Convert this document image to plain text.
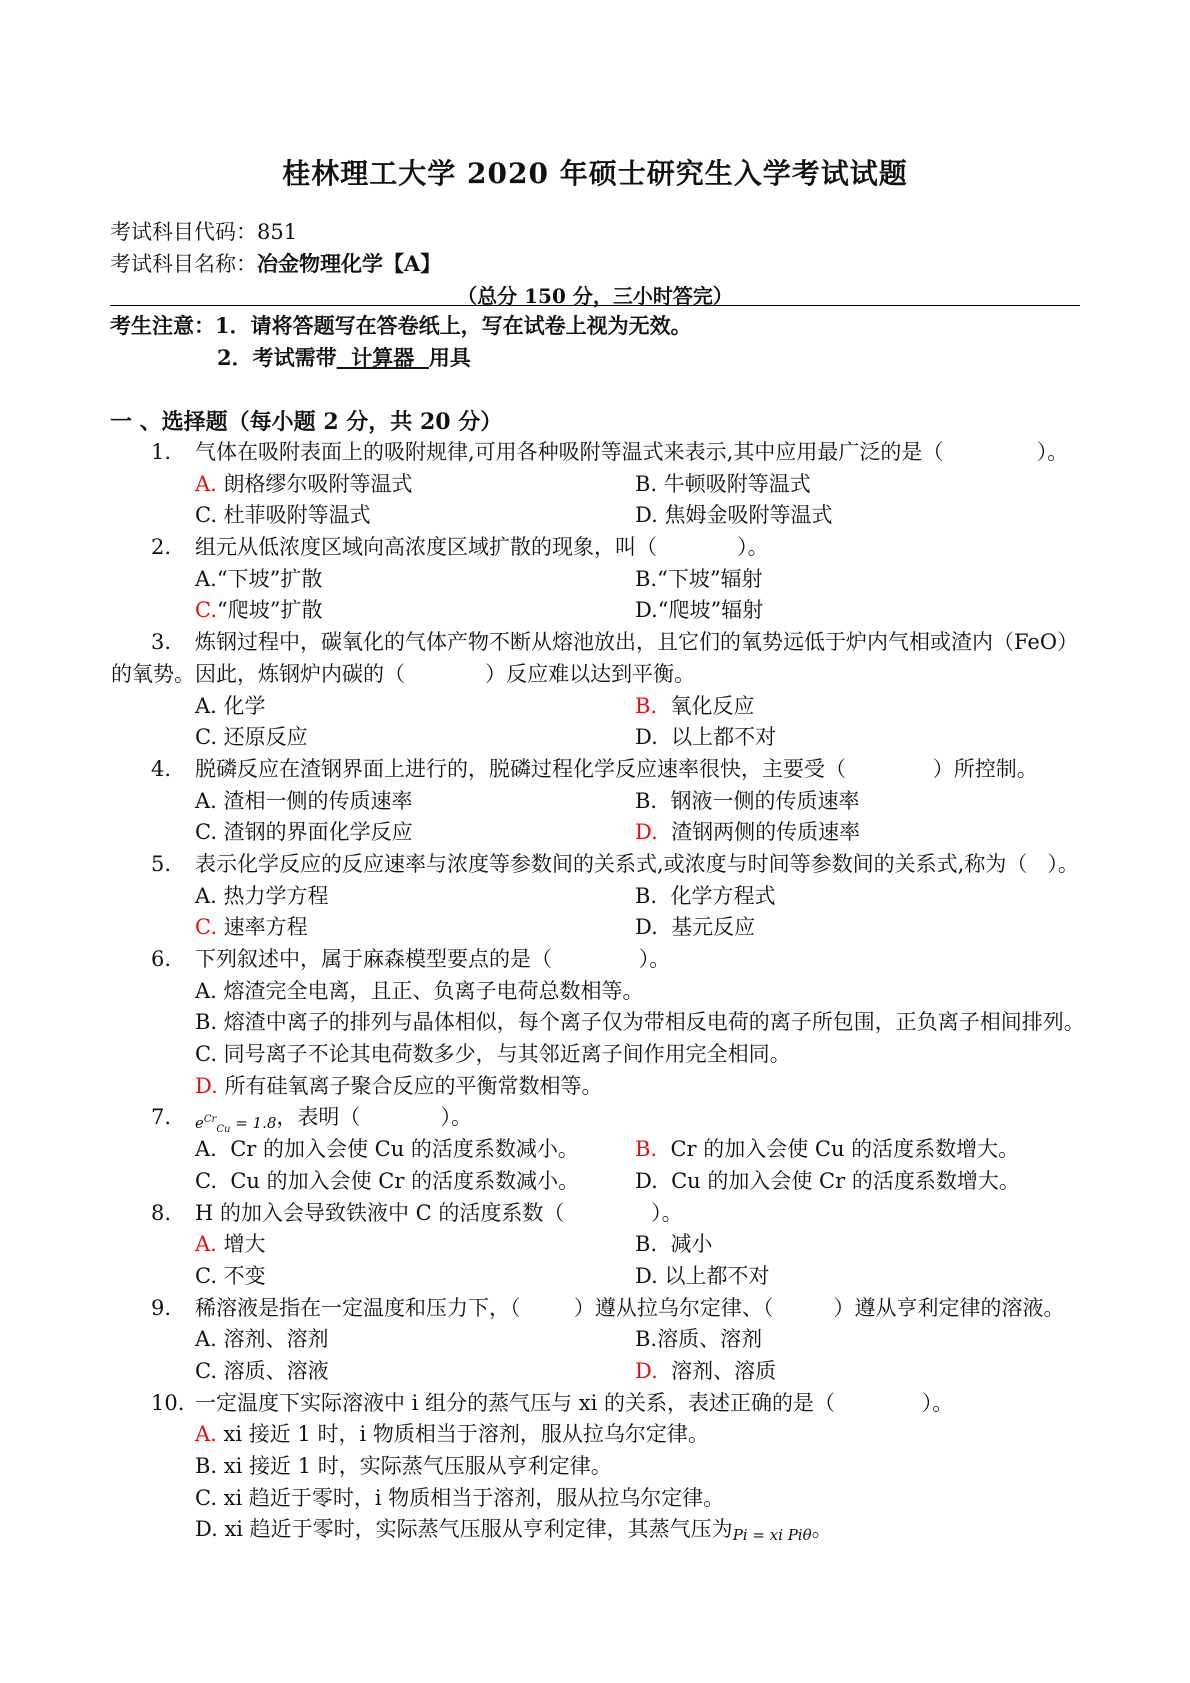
桂林理工大学 2020 年硕士研究生入学考试试题
考试科目代码：851
考试科目名称：冶金物理化学【A】
（总分 150 分，三小时答完）
考生注意：1．请将答题写在答卷纸上，写在试卷上视为无效。
2．考试需带  计算器  用具
一 、选择题（每小题 2 分，共 20 分）
1. 气体在吸附表面上的吸附规律,可用各种吸附等温式来表示,其中应用最广泛的是（              ）。
A. 朗格缪尔吸附等温式	B. 牛顿吸附等温式
C. 杜菲吸附等温式	D. 焦姆金吸附等温式
2. 组元从低浓度区域向高浓度区域扩散的现象，叫（            ）。
A.“下坡”扩散	B.“下坡”辐射
C.“爬坡”扩散	D.“爬坡”辐射
3. 炼钢过程中，碳氧化的气体产物不断从熔池放出，且它们的氧势远低于炉内气相或渣内（FeO）
的氧势。因此，炼钢炉内碳的（            ）反应难以达到平衡。
A. 化学	B.  氧化反应
C. 还原反应	D.  以上都不对
4. 脱磷反应在渣钢界面上进行的，脱磷过程化学反应速率很快，主要受（             ）所控制。
A. 渣相一侧的传质速率	B.  钢液一侧的传质速率
C. 渣钢的界面化学反应	D.  渣钢两侧的传质速率
5. 表示化学反应的反应速率与浓度等参数间的关系式,或浓度与时间等参数间的关系式,称为（   ）。
A. 热力学方程	B.  化学方程式
C. 速率方程	D.  基元反应
6. 下列叙述中，属于麻森模型要点的是（             ）。
A. 熔渣完全电离，且正、负离子电荷总数相等。
B. 熔渣中离子的排列与晶体相似，每个离子仅为带相反电荷的离子所包围，正负离子相间排列。
C. 同号离子不论其电荷数多少，与其邻近离子间作用完全相同。
D. 所有硅氧离子聚合反应的平衡常数相等。
7. $e^{Cr}_{Cu} = 1.8$，表明（            ）。
A.  Cr 的加入会使 Cu 的活度系数减小。	B.  Cr 的加入会使 Cu 的活度系数增大。
C.  Cu 的加入会使 Cr 的活度系数减小。	D.  Cu 的加入会使 Cr 的活度系数增大。
8. H 的加入会导致铁液中 C 的活度系数（             ）。
A. 增大	B.  减小
C. 不变	D. 以上都不对
9. 稀溶液是指在一定温度和压力下，（        ）遵从拉乌尔定律、（         ）遵从亨利定律的溶液。
A. 溶剂、溶剂	B.溶质、溶剂
C. 溶质、溶液	D.  溶剂、溶质
10. 一定温度下实际溶液中 i 组分的蒸气压与 xi 的关系，表述正确的是（             ）。
A. xi 接近 1 时，i 物质相当于溶剂，服从拉乌尔定律。
B. xi 接近 1 时，实际蒸气压服从亨利定律。
C. xi 趋近于零时，i 物质相当于溶剂，服从拉乌尔定律。
D. xi 趋近于零时，实际蒸气压服从亨利定律，其蒸气压为Pi = xi Piθ。
